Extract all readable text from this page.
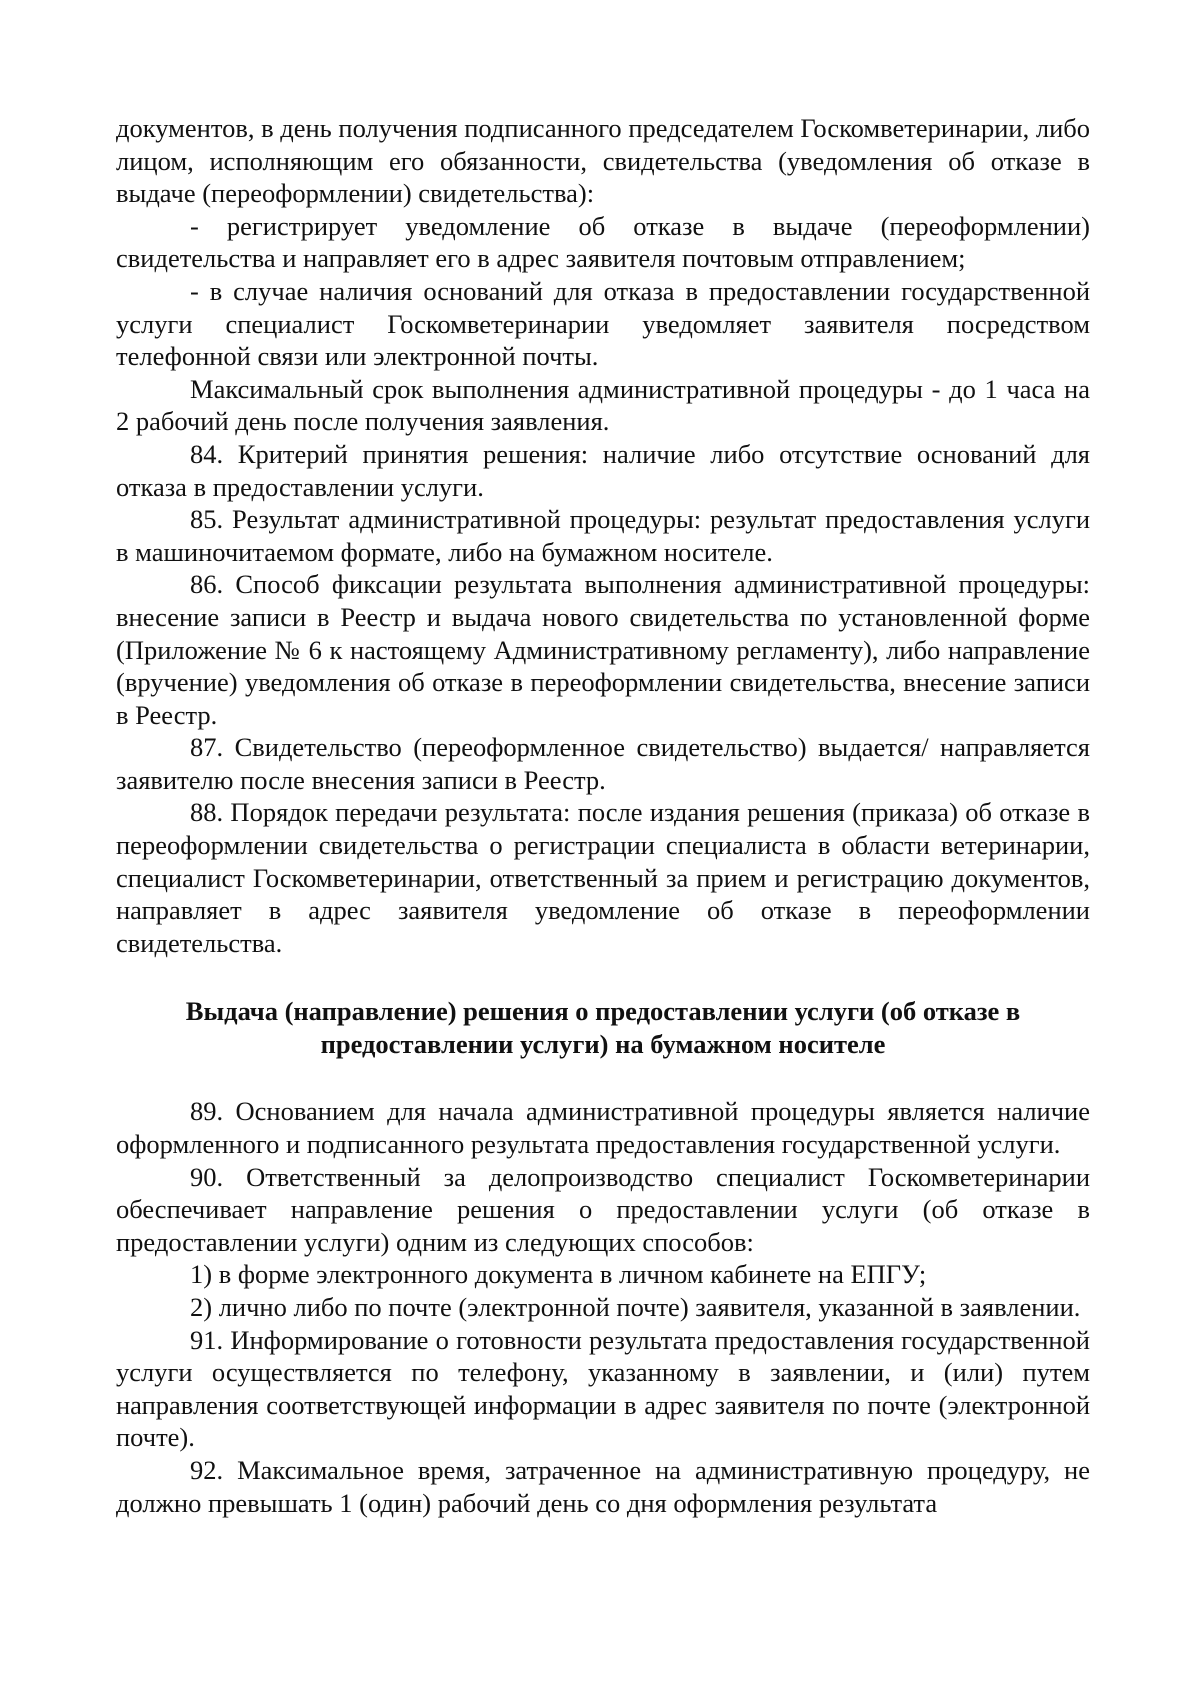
документов, в день получения подписанного председателем Госкомветеринарии, либо лицом, исполняющим его обязанности, свидетельства (уведомления об отказе в выдаче (переоформлении) свидетельства):

- регистрирует уведомление об отказе в выдаче (переоформлении) свидетельства и направляет его в адрес заявителя почтовым отправлением;

- в случае наличия оснований для отказа в предоставлении государственной услуги специалист Госкомветеринарии уведомляет заявителя посредством телефонной связи или электронной почты.

Максимальный срок выполнения административной процедуры - до 1 часа на 2 рабочий день после получения заявления.

84. Критерий принятия решения: наличие либо отсутствие оснований для отказа в предоставлении услуги.

85. Результат административной процедуры: результат предоставления услуги в машиночитаемом формате, либо на бумажном носителе.

86. Способ фиксации результата выполнения административной процедуры: внесение записи в Реестр и выдача нового свидетельства по установленной форме (Приложение № 6 к настоящему Административному регламенту), либо направление (вручение) уведомления об отказе в переоформлении свидетельства, внесение записи в Реестр.

87. Свидетельство (переоформленное свидетельство) выдается/ направляется заявителю после внесения записи в Реестр.

88. Порядок передачи результата: после издания решения (приказа) об отказе в переоформлении свидетельства о регистрации специалиста в области ветеринарии, специалист Госкомветеринарии, ответственный за прием и регистрацию документов, направляет в адрес заявителя уведомление об отказе в переоформлении свидетельства.

Выдача (направление) решения о предоставлении услуги (об отказе в предоставлении услуги) на бумажном носителе

89. Основанием для начала административной процедуры является наличие оформленного и подписанного результата предоставления государственной услуги.

90. Ответственный за делопроизводство специалист Госкомветеринарии обеспечивает направление решения о предоставлении услуги (об отказе в предоставлении услуги) одним из следующих способов:

1) в форме электронного документа в личном кабинете на ЕПГУ;

2) лично либо по почте (электронной почте) заявителя, указанной в заявлении.

91. Информирование о готовности результата предоставления государственной услуги осуществляется по телефону, указанному в заявлении, и (или) путем направления соответствующей информации в адрес заявителя по почте (электронной почте).

92. Максимальное время, затраченное на административную процедуру, не должно превышать 1 (один) рабочий день со дня оформления результата
